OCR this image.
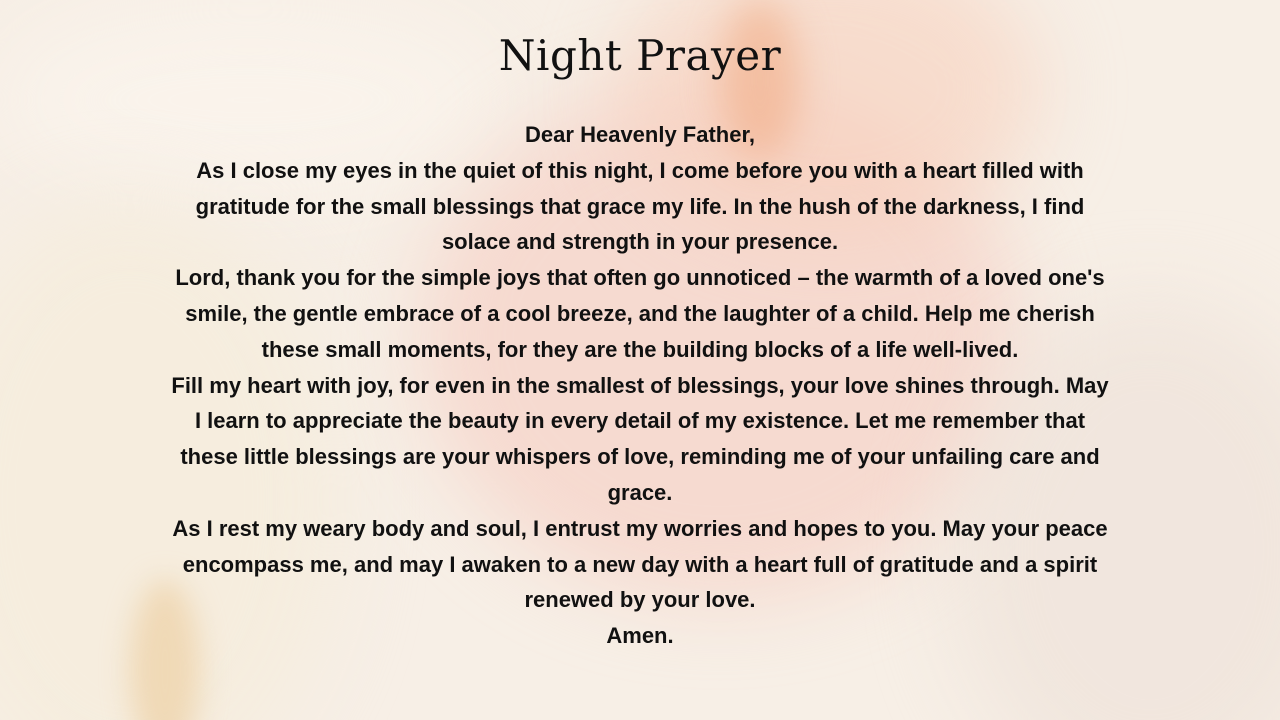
Night Prayer

Dear Heavenly Father,

As I close my eyes in the quiet of this night, I come before you with a heart filled with gratitude for the small blessings that grace my life. In the hush of the darkness, I find solace and strength in your presence.

Lord, thank you for the simple joys that often go unnoticed – the warmth of a loved one's smile, the gentle embrace of a cool breeze, and the laughter of a child. Help me cherish these small moments, for they are the building blocks of a life well-lived.

Fill my heart with joy, for even in the smallest of blessings, your love shines through. May I learn to appreciate the beauty in every detail of my existence. Let me remember that these little blessings are your whispers of love, reminding me of your unfailing care and grace.

As I rest my weary body and soul, I entrust my worries and hopes to you. May your peace encompass me, and may I awaken to a new day with a heart full of gratitude and a spirit renewed by your love.

Amen.
